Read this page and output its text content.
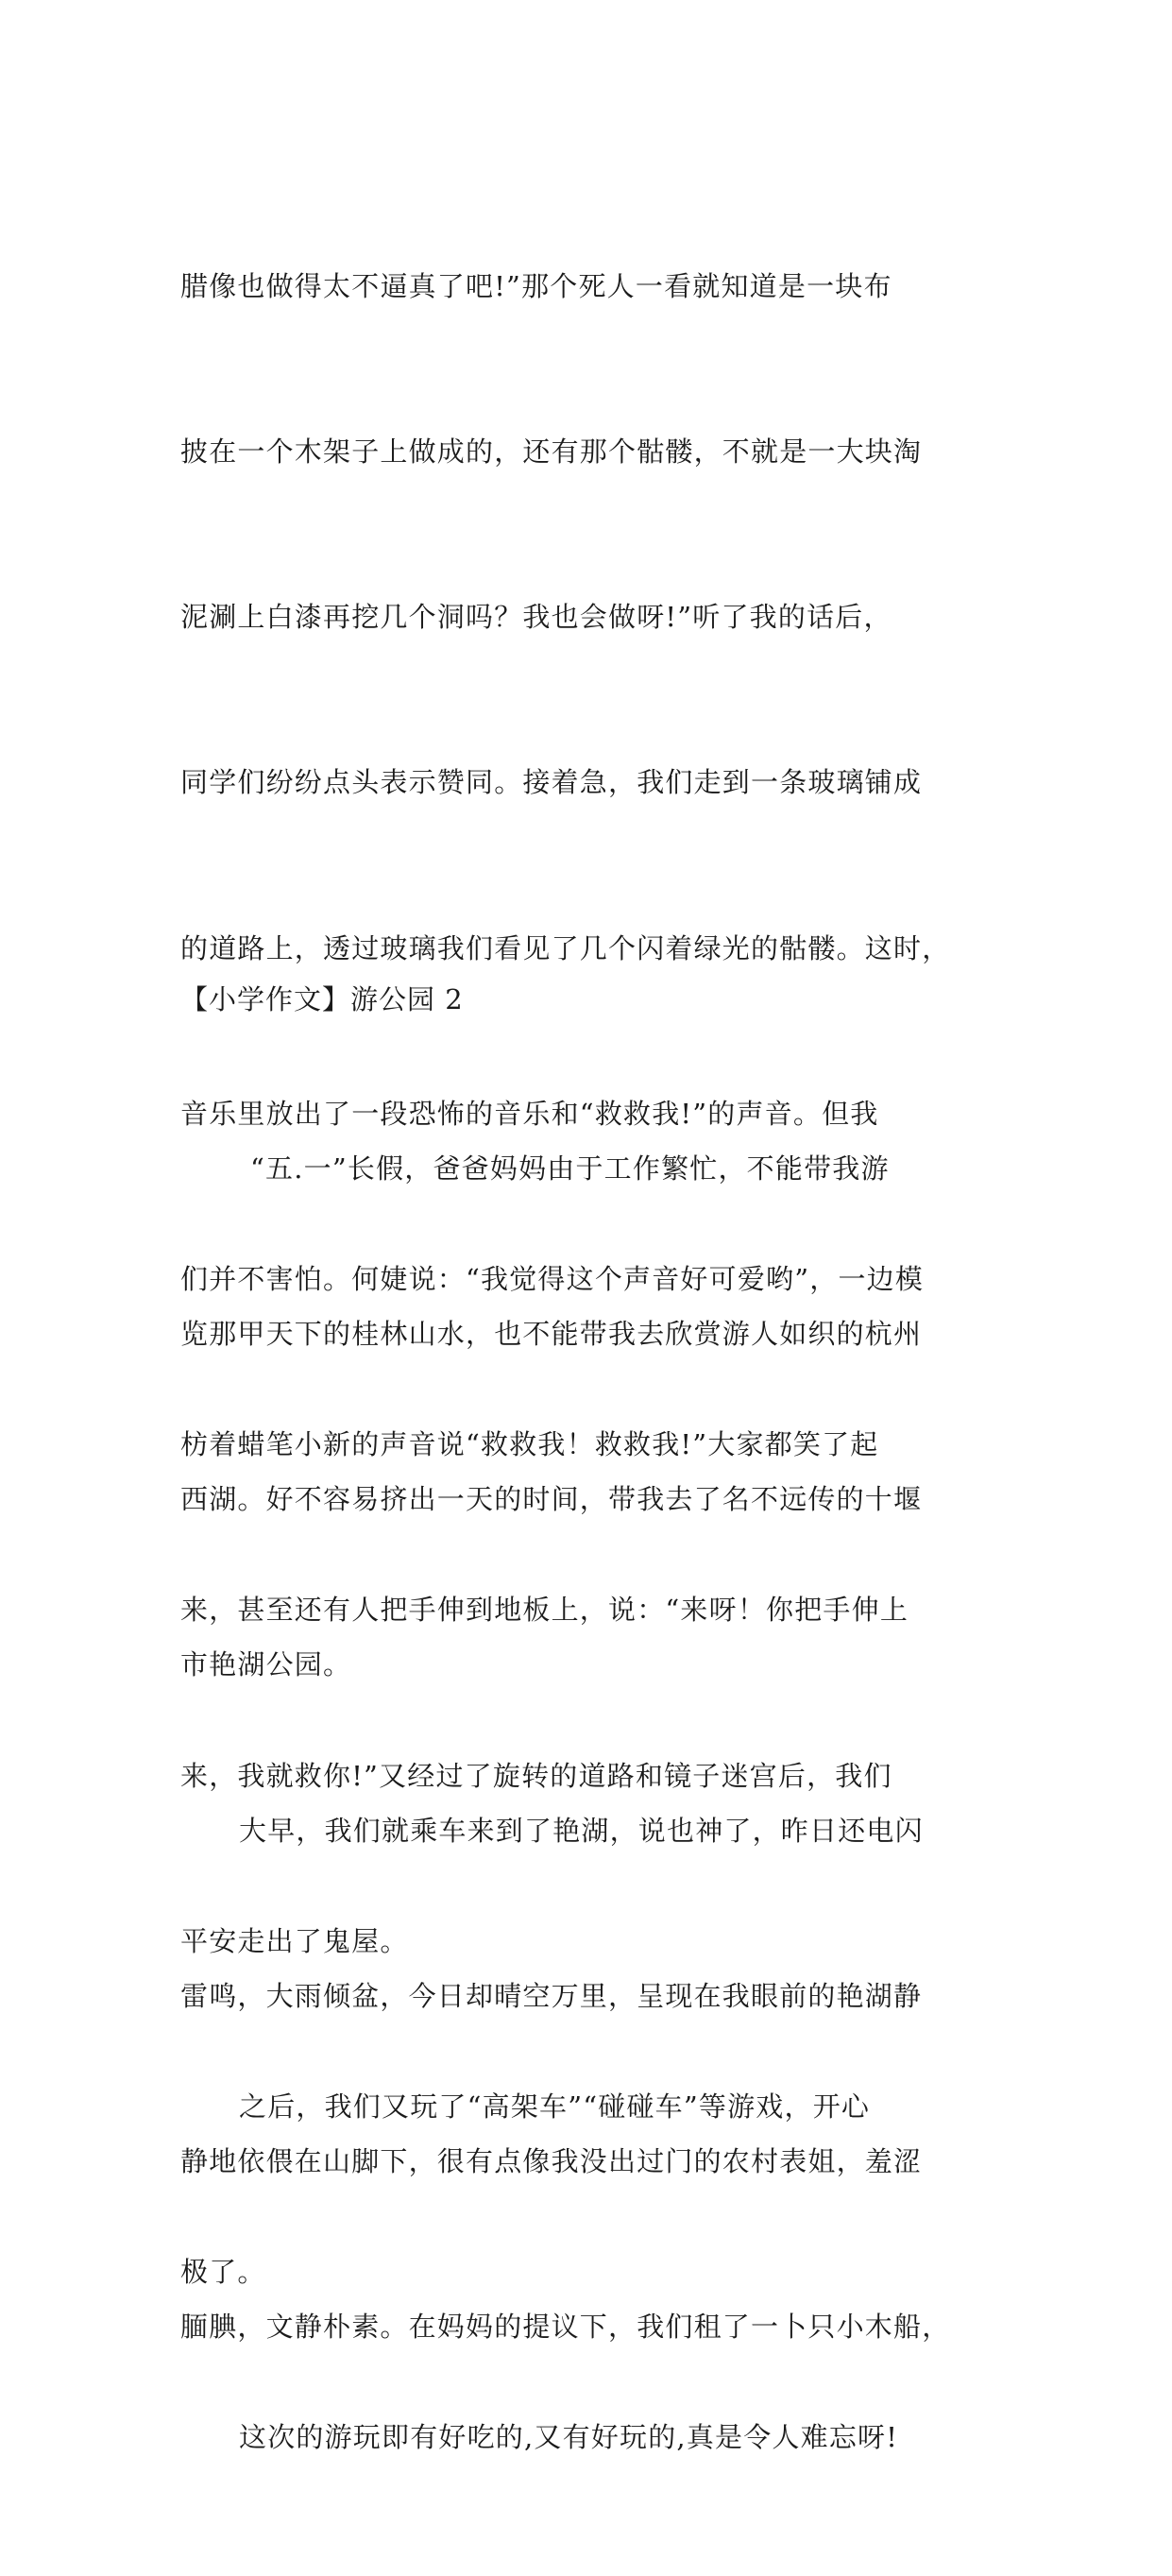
腊像也做得太不逼真了吧!”那个死人一看就知道是一块布

披在一个木架子上做成的，还有那个骷髅，不就是一大块淘

泥涮上白漆再挖几个洞吗？我也会做呀!”听了我的话后，

同学们纷纷点头表示赞同。接着急，我们走到一条玻璃铺成

的道路上，透过玻璃我们看见了几个闪着绿光的骷髅。这时，

音乐里放出了一段恐怖的音乐和“救救我!”的声音。但我

们并不害怕。何婕说：“我觉得这个声音好可爱哟”，一边模

枋着蜡笔小新的声音说“救救我！救救我!”大家都笑了起

来，甚至还有人把手伸到地板上，说：“来呀！你把手伸上

来，我就救你!”又经过了旋转的道路和镜子迷宫后，我们

平安走出了鬼屋。

之后，我们又玩了“高架车”“碰碰车”等游戏，开心

极了。

这次的游玩即有好吃的,又有好玩的,真是令人难忘呀!

【小学作文】游公园 2

“五.一”长假，爸爸妈妈由于工作繁忙，不能带我游

览那甲天下的桂林山水，也不能带我去欣赏游人如织的杭州

西湖。好不容易挤出一天的时间，带我去了名不远传的十堰

市艳湖公园。

大早，我们就乘车来到了艳湖，说也神了，昨日还电闪

雷鸣，大雨倾盆，今日却晴空万里，呈现在我眼前的艳湖静

静地依偎在山脚下，很有点像我没出过门的农村表姐，羞涩

腼腆，文静朴素。在妈妈的提议下，我们租了一卜只小木船，
